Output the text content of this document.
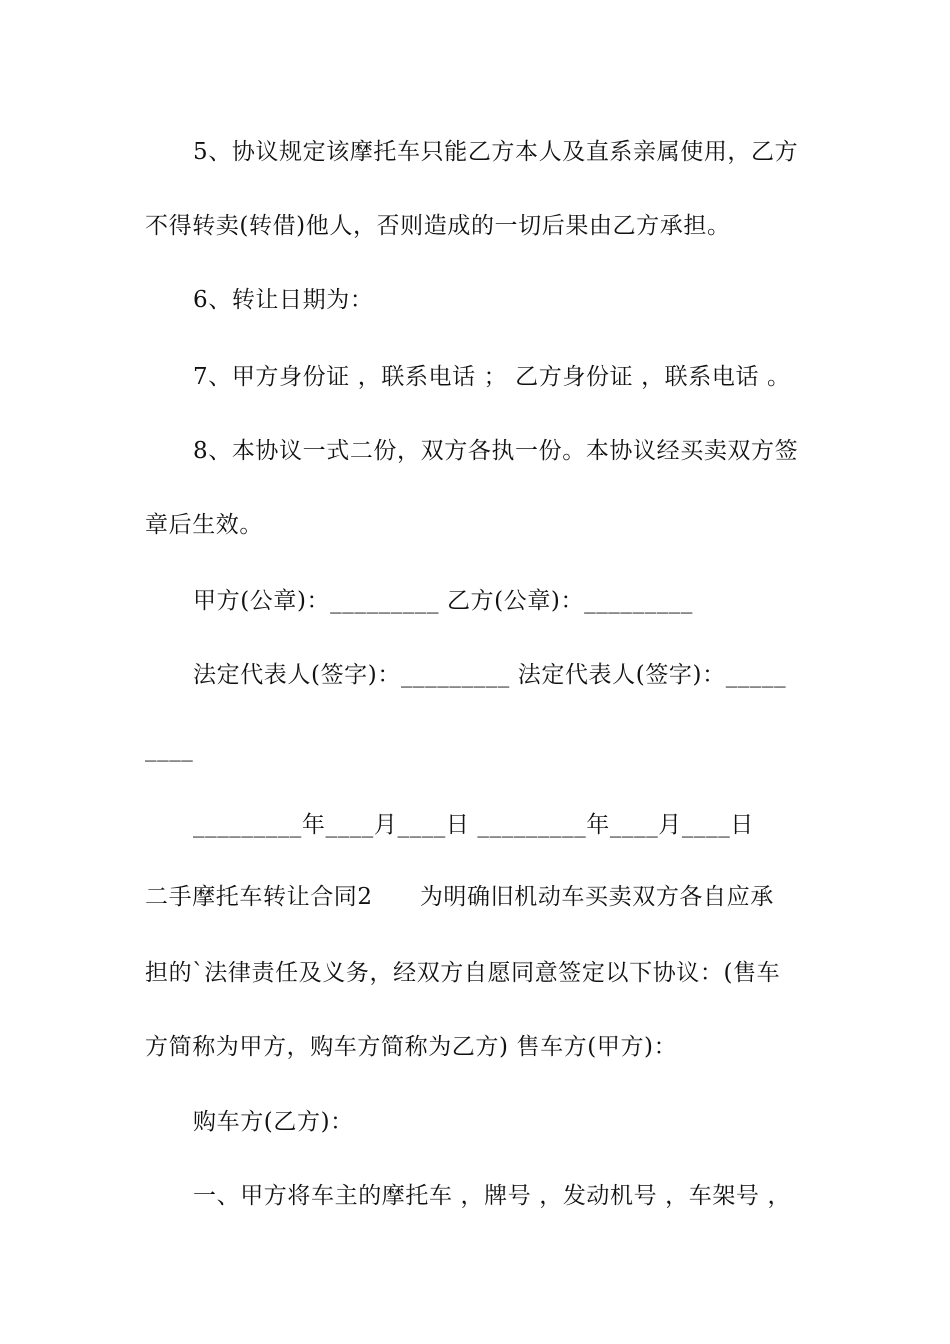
5、协议规定该摩托车只能乙方本人及直系亲属使用，乙方
不得转卖(转借)他人，否则造成的一切后果由乙方承担。
6、转让日期为：
7、甲方身份证 ，联系电话 ； 乙方身份证 ，联系电话 。
8、本协议一式二份，双方各执一份。本协议经买卖双方签
章后生效。
甲方(公章)：_________ 乙方(公章)：_________
法定代表人(签字)：_________ 法定代表人(签字)：_____
____
_________年____月____日 _________年____月____日
二手摩托车转让合同2　　为明确旧机动车买卖双方各自应承
担的`法律责任及义务，经双方自愿同意签定以下协议：(售车
方简称为甲方，购车方简称为乙方) 售车方(甲方)：
购车方(乙方)：
一、甲方将车主的摩托车 ，牌号 ，发动机号 ，车架号 ，
